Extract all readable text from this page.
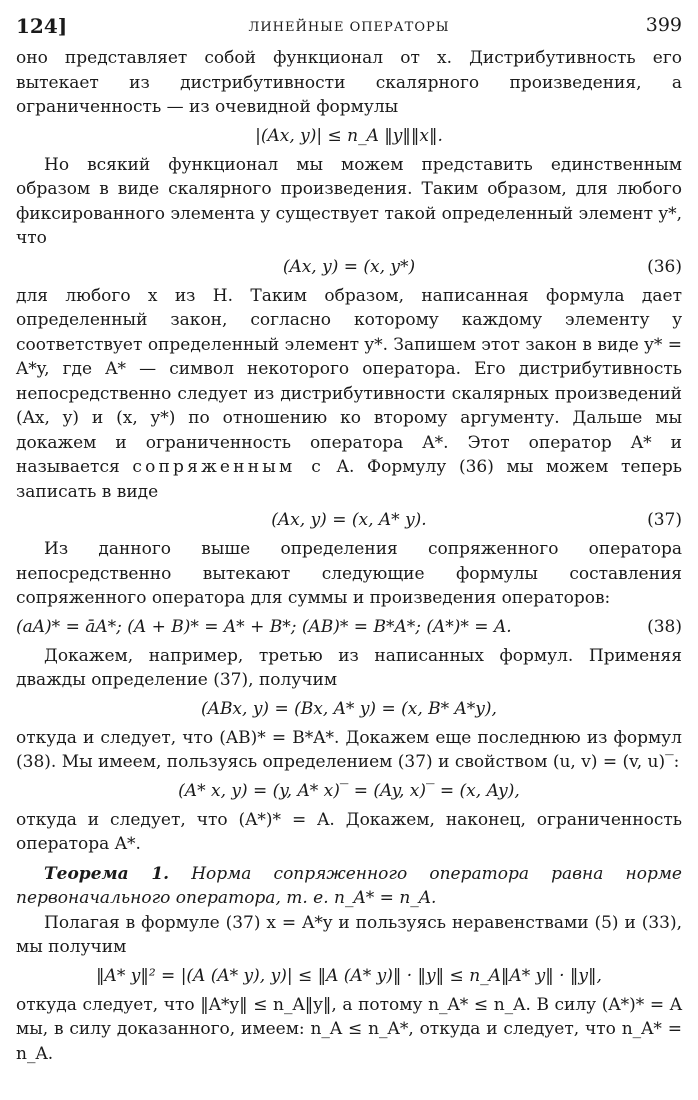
124]	ЛИНЕЙНЫЕ ОПЕРАТОРЫ	399

оно представляет собой функционал от x. Дистрибутивность его вытекает из дистрибутивности скалярного произведения, а ограниченность — из очевидной формулы

|(Ax, y)| ≤ n_A ‖y‖‖x‖.

Но всякий функционал мы можем представить единственным образом в виде скалярного произведения. Таким образом, для любого фиксированного элемента y существует такой определенный элемент y*, что

(Ax, y) = (x, y*)	(36)

для любого x из H. Таким образом, написанная формула дает определенный закон, согласно которому каждому элементу y соответствует определенный элемент y*. Запишем этот закон в виде y* = A*y, где A* — символ некоторого оператора. Его дистрибутивность непосредственно следует из дистрибутивности скалярных произведений (Ax, y) и (x, y*) по отношению ко второму аргументу. Дальше мы докажем и ограниченность оператора A*. Этот оператор A* и называется сопряженным с A. Формулу (36) мы можем теперь записать в виде

(Ax, y) = (x, A* y).	(37)

Из данного выше определения сопряженного оператора непосредственно вытекают следующие формулы составления сопряженного оператора для суммы и произведения операторов:

(aA)* = āA*; (A + B)* = A* + B*; (AB)* = B*A*; (A*)* = A.	(38)

Докажем, например, третью из написанных формул. Применяя дважды определение (37), получим

(ABx, y) = (Bx, A* y) = (x, B* A*y),

откуда и следует, что (AB)* = B*A*. Докажем еще последнюю из формул (38). Мы имеем, пользуясь определением (37) и свойством (u, v) = (v, u)‾:

(A* x, y) = (y, A* x)‾ = (Ay, x)‾ = (x, Ay),

откуда и следует, что (A*)* = A. Докажем, наконец, ограниченность оператора A*.

Теорема 1. Норма сопряженного оператора равна норме первоначального оператора, т. е. n_A* = n_A.

Полагая в формуле (37) x = A*y и пользуясь неравенствами (5) и (33), мы получим

‖A* y‖² = |(A (A* y), y)| ≤ ‖A (A* y)‖ · ‖y‖ ≤ n_A‖A* y‖ · ‖y‖,

откуда следует, что ‖A*y‖ ≤ n_A‖y‖, а потому n_A* ≤ n_A. В силу (A*)* = A мы, в силу доказанного, имеем: n_A ≤ n_A*, откуда и следует, что n_A* = n_A.
